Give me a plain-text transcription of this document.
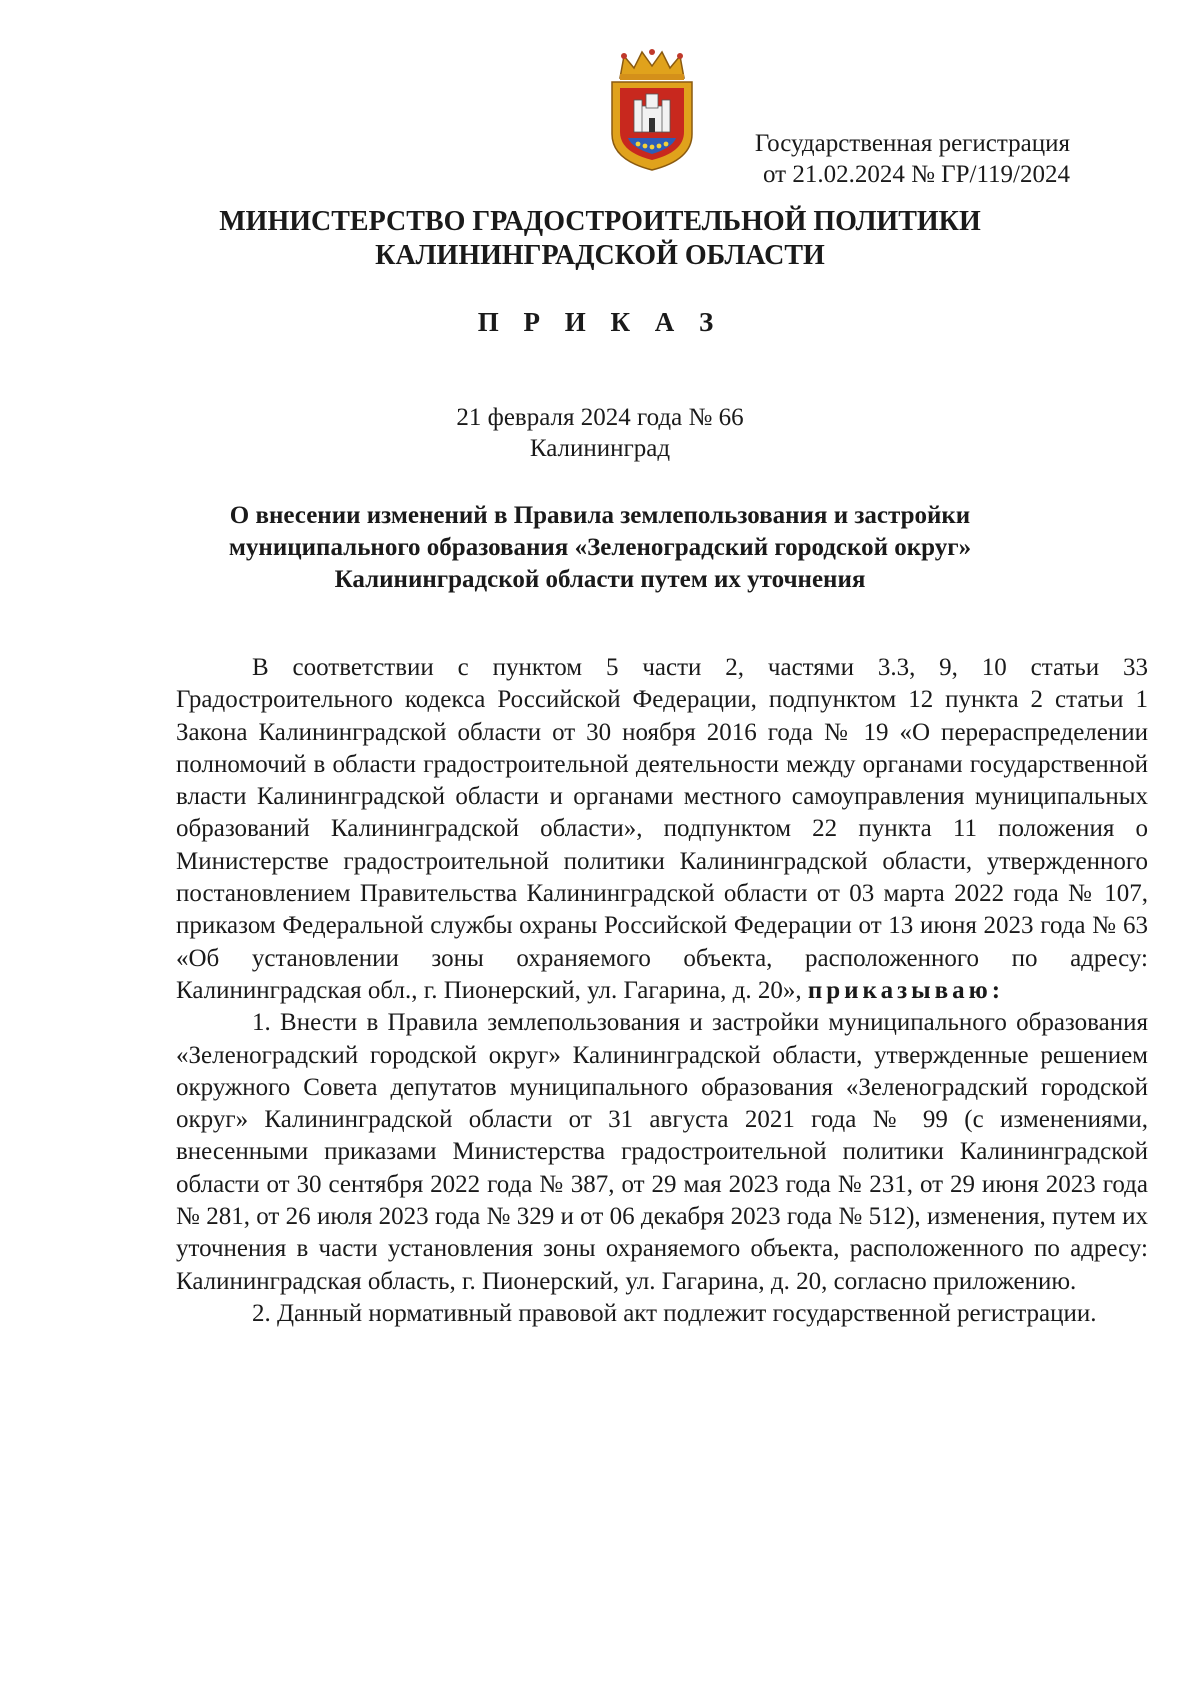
Государственная регистрация
от 21.02.2024 № ГР/119/2024
МИНИСТЕРСТВО ГРАДОСТРОИТЕЛЬНОЙ ПОЛИТИКИ
КАЛИНИНГРАДСКОЙ ОБЛАСТИ
П Р И К А З
21 февраля 2024 года № 66
Калининград
О внесении изменений в Правила землепользования и застройки
муниципального образования «Зеленоградский городской округ»
Калининградской области путем их уточнения

В соответствии с пунктом 5 части 2, частями 3.3, 9, 10 статьи 33 Градостроительного кодекса Российской Федерации, подпунктом 12 пункта 2 статьи 1 Закона Калининградской области от 30 ноября 2016 года № 19 «О перераспределении полномочий в области градостроительной деятельности между органами государственной власти Калининградской области и органами местного самоуправления муниципальных образований Калининградской области», подпунктом 22 пункта 11 положения о Министерстве градостроительной политики Калининградской области, утвержденного постановлением Правительства Калининградской области от 03 марта 2022 года № 107, приказом Федеральной службы охраны Российской Федерации от 13 июня 2023 года № 63 «Об установлении зоны охраняемого объекта, расположенного по адресу: Калининградская обл., г. Пионерский, ул. Гагарина, д. 20», приказываю:

1. Внести в Правила землепользования и застройки муниципального образования «Зеленоградский городской округ» Калининградской области, утвержденные решением окружного Совета депутатов муниципального образования «Зеленоградский городской округ» Калининградской области от 31 августа 2021 года № 99 (с изменениями, внесенными приказами Министерства градостроительной политики Калининградской области от 30 сентября 2022 года № 387, от 29 мая 2023 года № 231, от 29 июня 2023 года № 281, от 26 июля 2023 года № 329 и от 06 декабря 2023 года № 512), изменения, путем их уточнения в части установления зоны охраняемого объекта, расположенного по адресу: Калининградская область, г. Пионерский, ул. Гагарина, д. 20, согласно приложению.

2. Данный нормативный правовой акт подлежит государственной регистрации.
